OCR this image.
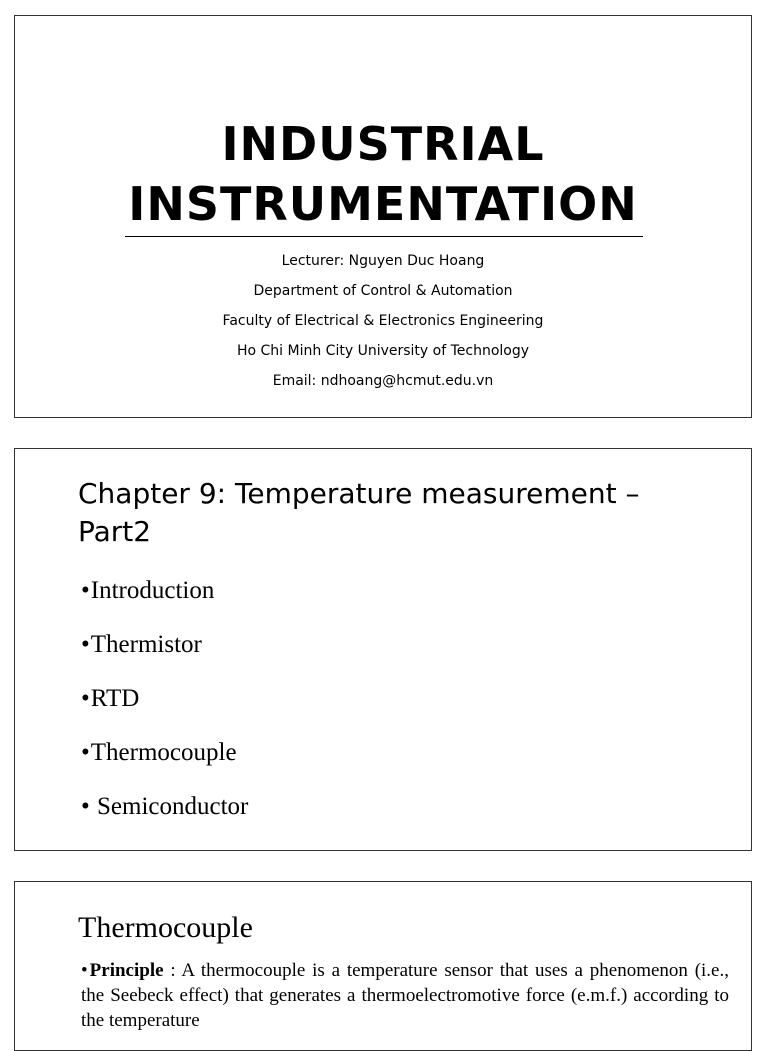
INDUSTRIAL
INSTRUMENTATION
Lecturer: Nguyen Duc Hoang
Department of Control & Automation
Faculty of Electrical & Electronics Engineering
Ho Chi Minh City University of Technology
Email: ndhoang@hcmut.edu.vn
Chapter 9: Temperature measurement – Part2
•Introduction
•Thermistor
•RTD
•Thermocouple
• Semiconductor
Thermocouple

• Principle : A thermocouple is a temperature sensor that uses a phenomenon (i.e., the Seebeck effect) that generates a thermoelectromotive force (e.m.f.) according to the temperature
